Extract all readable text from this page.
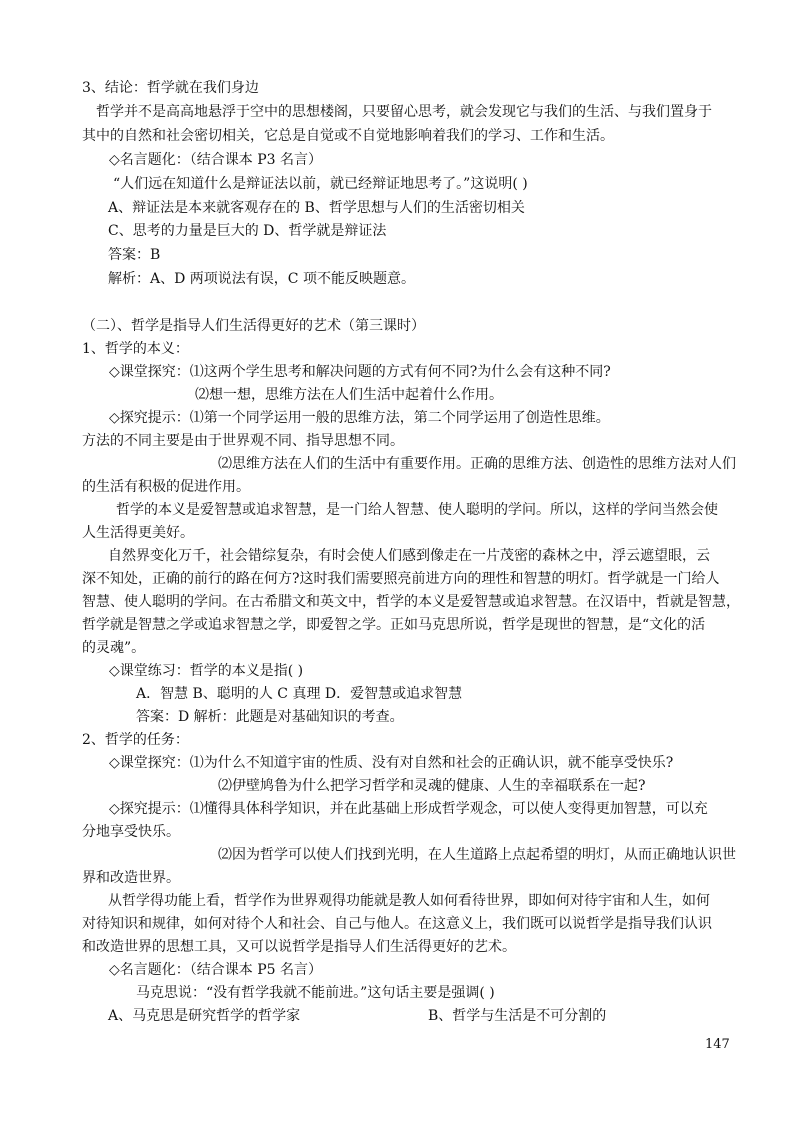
3、结论：哲学就在我们身边
哲学并不是高高地悬浮于空中的思想楼阁，只要留心思考，就会发现它与我们的生活、与我们置身于
其中的自然和社会密切相关，它总是自觉或不自觉地影响着我们的学习、工作和生活。
◇名言题化：（结合课本 P3 名言）
“人们远在知道什么是辩证法以前，就已经辩证地思考了。”这说明( )
A、辩证法是本来就客观存在的 B、哲学思想与人们的生活密切相关
C、思考的力量是巨大的 D、哲学就是辩证法
答案：B
解析：A、D 两项说法有误，C 项不能反映题意。
（二）、哲学是指导人们生活得更好的艺术（第三课时）
1、哲学的本义：
◇课堂探究：⑴这两个学生思考和解决问题的方式有何不同?为什么会有这种不同?
⑵想一想，思维方法在人们生活中起着什么作用。
◇探究提示：⑴第一个同学运用一般的思维方法，第二个同学运用了创造性思维。
方法的不同主要是由于世界观不同、指导思想不同。
⑵思维方法在人们的生活中有重要作用。正确的思维方法、创造性的思维方法对人们
的生活有积极的促进作用。
哲学的本义是爱智慧或追求智慧，是一门给人智慧、使人聪明的学问。所以，这样的学问当然会使
人生活得更美好。
自然界变化万千，社会错综复杂，有时会使人们感到像走在一片茂密的森林之中，浮云遮望眼，云
深不知处，正确的前行的路在何方?这时我们需要照亮前进方向的理性和智慧的明灯。哲学就是一门给人
智慧、使人聪明的学问。在古希腊文和英文中，哲学的本义是爱智慧或追求智慧。在汉语中，哲就是智慧，
哲学就是智慧之学或追求智慧之学，即爱智之学。正如马克思所说，哲学是现世的智慧，是“文化的活
的灵魂”。
◇课堂练习：哲学的本义是指( )
A．智慧 B、聪明的人 C 真理 D．爱智慧或追求智慧
答案：D 解析：此题是对基础知识的考查。
2、哲学的任务：
◇课堂探究：⑴为什么不知道宇宙的性质、没有对自然和社会的正确认识，就不能享受快乐?
⑵伊壁鸠鲁为什么把学习哲学和灵魂的健康、人生的幸福联系在一起?
◇探究提示：⑴懂得具体科学知识，并在此基础上形成哲学观念，可以使人变得更加智慧，可以充
分地享受快乐。
⑵因为哲学可以使人们找到光明，在人生道路上点起希望的明灯，从而正确地认识世
界和改造世界。
从哲学得功能上看，哲学作为世界观得功能就是教人如何看待世界，即如何对待宇宙和人生，如何
对待知识和规律，如何对待个人和社会、自己与他人。在这意义上，我们既可以说哲学是指导我们认识
和改造世界的思想工具，又可以说哲学是指导人们生活得更好的艺术。
◇名言题化：（结合课本 P5 名言）
马克思说：“没有哲学我就不能前进。”这句话主要是强调( )
A、马克思是研究哲学的哲学家	B、哲学与生活是不可分割的
147
